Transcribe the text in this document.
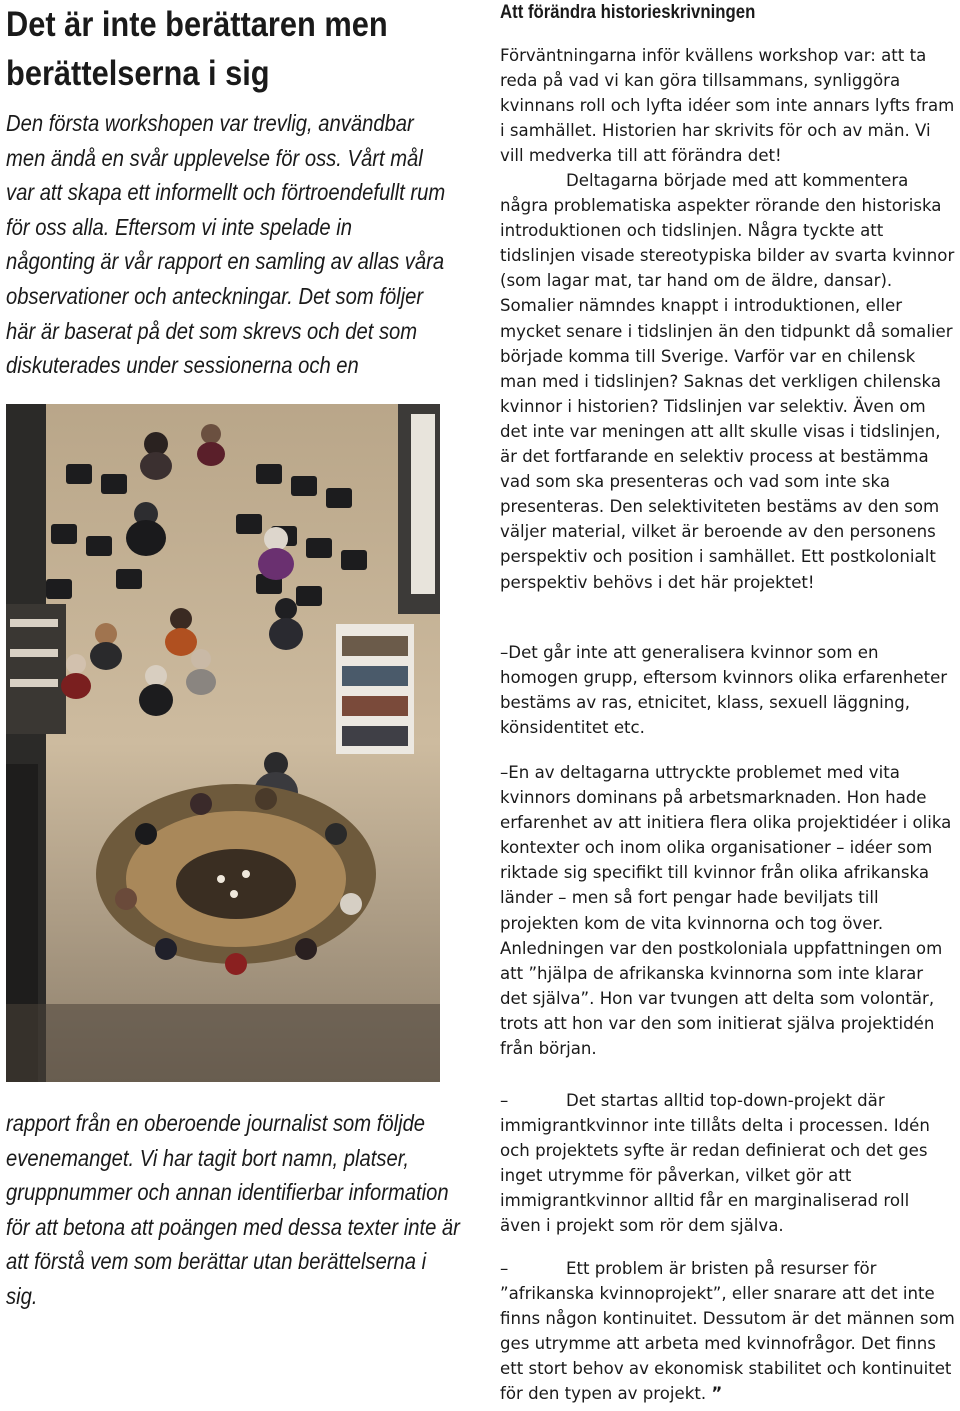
Det är inte berättaren men
berättelserna i sig

Den första workshopen var trevlig, användbar men ändå en svår upplevelse för oss. Vårt mål var att skapa ett informellt och förtroendefullt rum för oss alla. Eftersom vi inte spelade in någonting är vår rapport en samling av allas våra observationer och anteckningar. Det som följer här är baserat på det som skrevs och det som diskuterades under sessionerna och en

rapport från en oberoende journalist som följde evenemanget. Vi har tagit bort namn, platser, gruppnummer och annan identifierbar information för att betona att poängen med dessa texter inte är att förstå vem som berättar utan berättelserna i sig.

Att förändra historieskrivningen

Förväntningarna inför kvällens workshop var: att ta reda på vad vi kan göra tillsammans, synliggöra kvinnans roll och lyfta idéer som inte annars lyfts fram i samhället. Historien har skrivits för och av män. Vi vill medverka till att förändra det!

Deltagarna började med att kommentera några problematiska aspekter rörande den historiska introduktionen och tidslinjen. Några tyckte att tidslinjen visade stereotypiska bilder av svarta kvinnor (som lagar mat, tar hand om de äldre, dansar). Somalier nämndes knappt i introduktionen, eller mycket senare i tidslinjen än den tidpunkt då somalier började komma till Sverige. Varför var en chilensk man med i tidslinjen? Saknas det verkligen chilenska kvinnor i historien? Tidslinjen var selektiv. Även om det inte var meningen att allt skulle visas i tidslinjen, är det fortfarande en selektiv process at bestämma vad som ska presenteras och vad som inte ska presenteras. Den selektiviteten bestäms av den som väljer material, vilket är beroende av den personens perspektiv och position i samhället. Ett postkolonialt perspektiv behövs i det här projektet!

–Det går inte att generalisera kvinnor som en homogen grupp, eftersom kvinnors olika erfarenheter bestäms av ras, etnicitet, klass, sexuell läggning, könsidentitet etc.

–En av deltagarna uttryckte problemet med vita kvinnors dominans på arbetsmarknaden. Hon hade erfarenhet av att initiera flera olika projektidéer i olika kontexter och inom olika organisationer – idéer som riktade sig specifikt till kvinnor från olika afrikanska länder – men så fort pengar hade beviljats till projekten kom de vita kvinnorna och tog över. Anledningen var den postkoloniala uppfattningen om att ”hjälpa de afrikanska kvinnorna som inte klarar det själva”. Hon var tvungen att delta som volontär, trots att hon var den som initierat själva projektidén från början.

–	Det startas alltid top-down-projekt där immigrantkvinnor inte tillåts delta i processen. Idén och projektets syfte är redan definierat och det ges inget utrymme för påverkan, vilket gör att immigrantkvinnor alltid får en marginaliserad roll även i projekt som rör dem själva.

–	Ett problem är bristen på resurser för ”afrikanska kvinnoprojekt”, eller snarare att det inte finns någon kontinuitet. Dessutom är det männen som ges utrymme att arbeta med kvinnofrågor. Det finns ett stort behov av ekonomisk stabilitet och kontinuitet för den typen av projekt. ”
